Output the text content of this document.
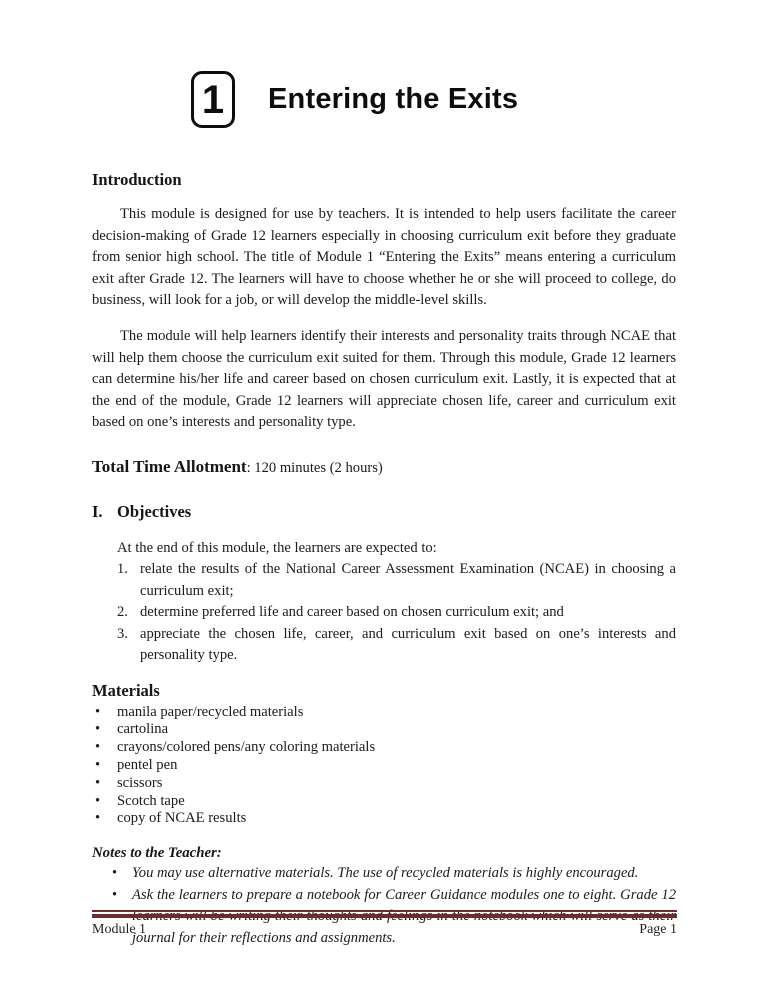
1 Entering the Exits
Introduction

This module is designed for use by teachers. It is intended to help users facilitate the career decision-making of Grade 12 learners especially in choosing curriculum exit before they graduate from senior high school. The title of Module 1 “Entering the Exits” means entering a curriculum exit after Grade 12. The learners will have to choose whether he or she will proceed to college, do business, will look for a job, or will develop the middle-level skills.

The module will help learners identify their interests and personality traits through NCAE that will help them choose the curriculum exit suited for them. Through this module, Grade 12 learners can determine his/her life and career based on chosen curriculum exit. Lastly, it is expected that at the end of the module, Grade 12 learners will appreciate chosen life, career and curriculum exit based on one’s interests and personality type.

Total Time Allotment: 120 minutes (2 hours)
I. Objectives
At the end of this module, the learners are expected to:
1. relate the results of the National Career Assessment Examination (NCAE) in choosing a curriculum exit;
2. determine preferred life and career based on chosen curriculum exit; and
3. appreciate the chosen life, career, and curriculum exit based on one’s interests and personality type.
Materials
•	manila paper/recycled materials
•	cartolina
•	crayons/colored pens/any coloring materials
•	pentel pen
•	scissors
•	Scotch tape
•	copy of NCAE results
Notes to the Teacher:
•	You may use alternative materials. The use of recycled materials is highly encouraged.
•	Ask the learners to prepare a notebook for Career Guidance modules one to eight. Grade 12 learners will be writing their thoughts and feelings in the notebook which will serve as their journal for their reflections and assignments.
Module 1	Page 1
